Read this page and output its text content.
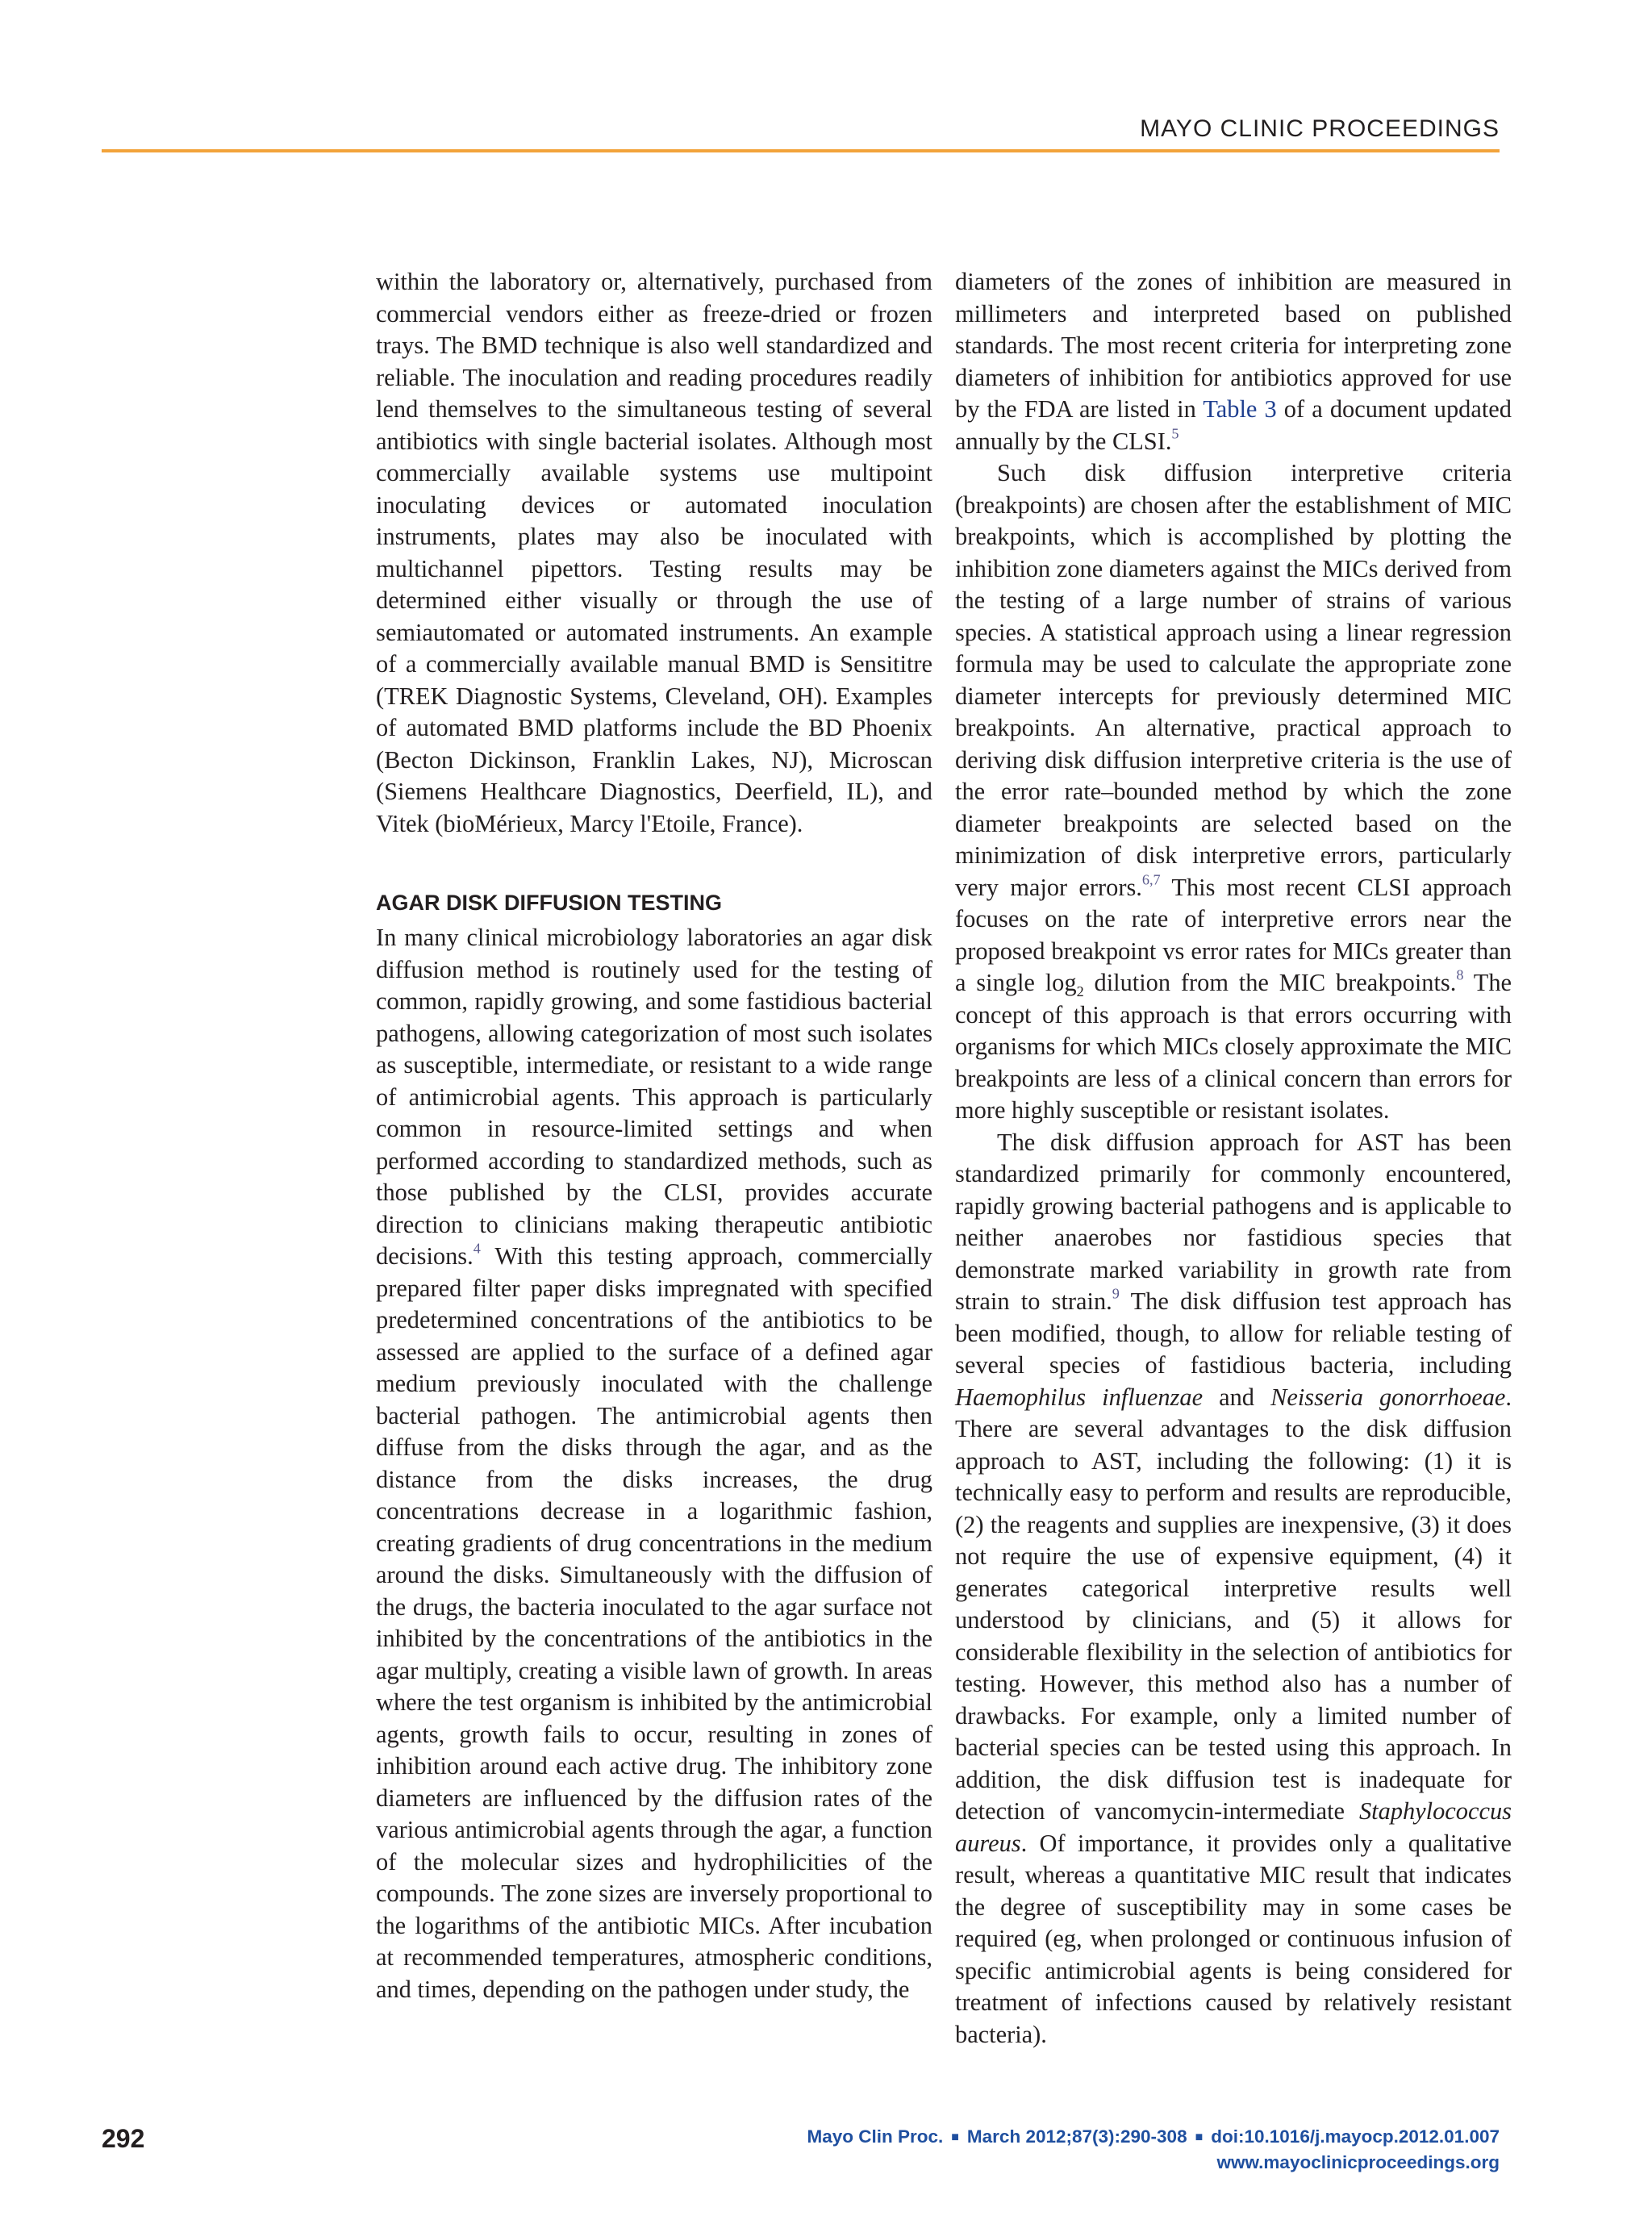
MAYO CLINIC PROCEEDINGS

within the laboratory or, alternatively, purchased from commercial vendors either as freeze-dried or frozen trays. The BMD technique is also well standardized and reliable. The inoculation and reading procedures readily lend themselves to the simultaneous testing of several antibiotics with single bacterial isolates. Although most commercially available systems use multipoint inoculating devices or automated inoculation instruments, plates may also be inoculated with multichannel pipettors. Testing results may be determined either visually or through the use of semiautomated or automated instruments. An example of a commercially available manual BMD is Sensititre (TREK Diagnostic Systems, Cleveland, OH). Examples of automated BMD platforms include the BD Phoenix (Becton Dickinson, Franklin Lakes, NJ), Microscan (Siemens Healthcare Diagnostics, Deerfield, IL), and Vitek (bioMérieux, Marcy l'Etoile, France).

AGAR DISK DIFFUSION TESTING

In many clinical microbiology laboratories an agar disk diffusion method is routinely used for the testing of common, rapidly growing, and some fastidious bacterial pathogens, allowing categorization of most such isolates as susceptible, intermediate, or resistant to a wide range of antimicrobial agents. This approach is particularly common in resource-limited settings and when performed according to standardized methods, such as those published by the CLSI, provides accurate direction to clinicians making therapeutic antibiotic decisions.$^4$ With this testing approach, commercially prepared filter paper disks impregnated with specified predetermined concentrations of the antibiotics to be assessed are applied to the surface of a defined agar medium previously inoculated with the challenge bacterial pathogen. The antimicrobial agents then diffuse from the disks through the agar, and as the distance from the disks increases, the drug concentrations decrease in a logarithmic fashion, creating gradients of drug concentrations in the medium around the disks. Simultaneously with the diffusion of the drugs, the bacteria inoculated to the agar surface not inhibited by the concentrations of the antibiotics in the agar multiply, creating a visible lawn of growth. In areas where the test organism is inhibited by the antimicrobial agents, growth fails to occur, resulting in zones of inhibition around each active drug. The inhibitory zone diameters are influenced by the diffusion rates of the various antimicrobial agents through the agar, a function of the molecular sizes and hydrophilicities of the compounds. The zone sizes are inversely proportional to the logarithms of the antibiotic MICs. After incubation at recommended temperatures, atmospheric conditions, and times, depending on the pathogen under study, the

diameters of the zones of inhibition are measured in millimeters and interpreted based on published standards. The most recent criteria for interpreting zone diameters of inhibition for antibiotics approved for use by the FDA are listed in Table 3 of a document updated annually by the CLSI.$^5$

Such disk diffusion interpretive criteria (breakpoints) are chosen after the establishment of MIC breakpoints, which is accomplished by plotting the inhibition zone diameters against the MICs derived from the testing of a large number of strains of various species. A statistical approach using a linear regression formula may be used to calculate the appropriate zone diameter intercepts for previously determined MIC breakpoints. An alternative, practical approach to deriving disk diffusion interpretive criteria is the use of the error rate–bounded method by which the zone diameter breakpoints are selected based on the minimization of disk interpretive errors, particularly very major errors.$^{6,7}$ This most recent CLSI approach focuses on the rate of interpretive errors near the proposed breakpoint vs error rates for MICs greater than a single $\log_2$ dilution from the MIC breakpoints.$^8$ The concept of this approach is that errors occurring with organisms for which MICs closely approximate the MIC breakpoints are less of a clinical concern than errors for more highly susceptible or resistant isolates.

The disk diffusion approach for AST has been standardized primarily for commonly encountered, rapidly growing bacterial pathogens and is applicable to neither anaerobes nor fastidious species that demonstrate marked variability in growth rate from strain to strain.$^9$ The disk diffusion test approach has been modified, though, to allow for reliable testing of several species of fastidious bacteria, including Haemophilus influenzae and Neisseria gonorrhoeae. There are several advantages to the disk diffusion approach to AST, including the following: (1) it is technically easy to perform and results are reproducible, (2) the reagents and supplies are inexpensive, (3) it does not require the use of expensive equipment, (4) it generates categorical interpretive results well understood by clinicians, and (5) it allows for considerable flexibility in the selection of antibiotics for testing. However, this method also has a number of drawbacks. For example, only a limited number of bacterial species can be tested using this approach. In addition, the disk diffusion test is inadequate for detection of vancomycin-intermediate Staphylococcus aureus. Of importance, it provides only a qualitative result, whereas a quantitative MIC result that indicates the degree of susceptibility may in some cases be required (eg, when prolonged or continuous infusion of specific antimicrobial agents is being considered for treatment of infections caused by relatively resistant bacteria).

292	Mayo Clin Proc. ■ March 2012;87(3):290-308 ■ doi:10.1016/j.mayocp.2012.01.007
www.mayoclinicproceedings.org
